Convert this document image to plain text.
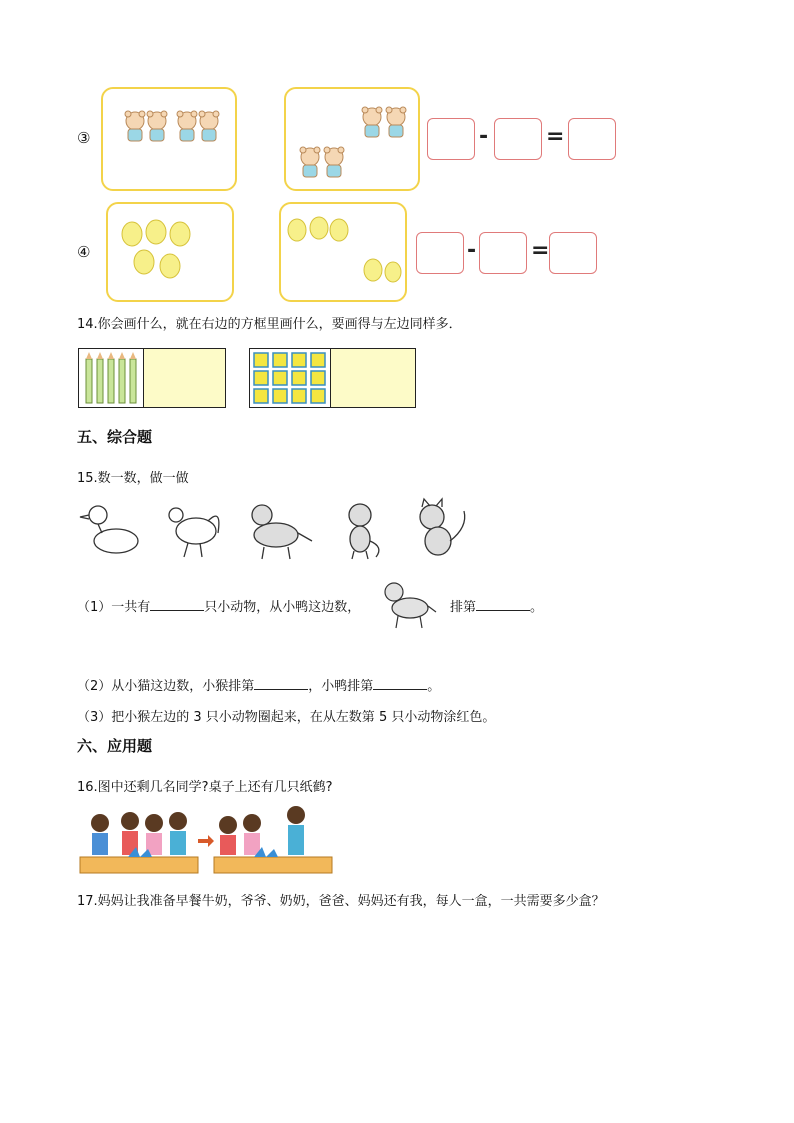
③	-	=
④	- =
14.你会画什么，就在右边的方框里画什么，要画得与左边同样多．
五、综合题
15.数一数，做一做
（1）一共有	只小动物，从小鸭这边数，	排第	。
（2）从小猫这边数，小猴排第	，小鸭排第	。
（3）把小猴左边的 3 只小动物圈起来，在从左数第 5 只小动物涂红色。
六、应用题
16.图中还剩几名同学?桌子上还有几只纸鹤?
17.妈妈让我准备早餐牛奶，爷爷、奶奶，爸爸、妈妈还有我，每人一盒，一共需要多少盒？
